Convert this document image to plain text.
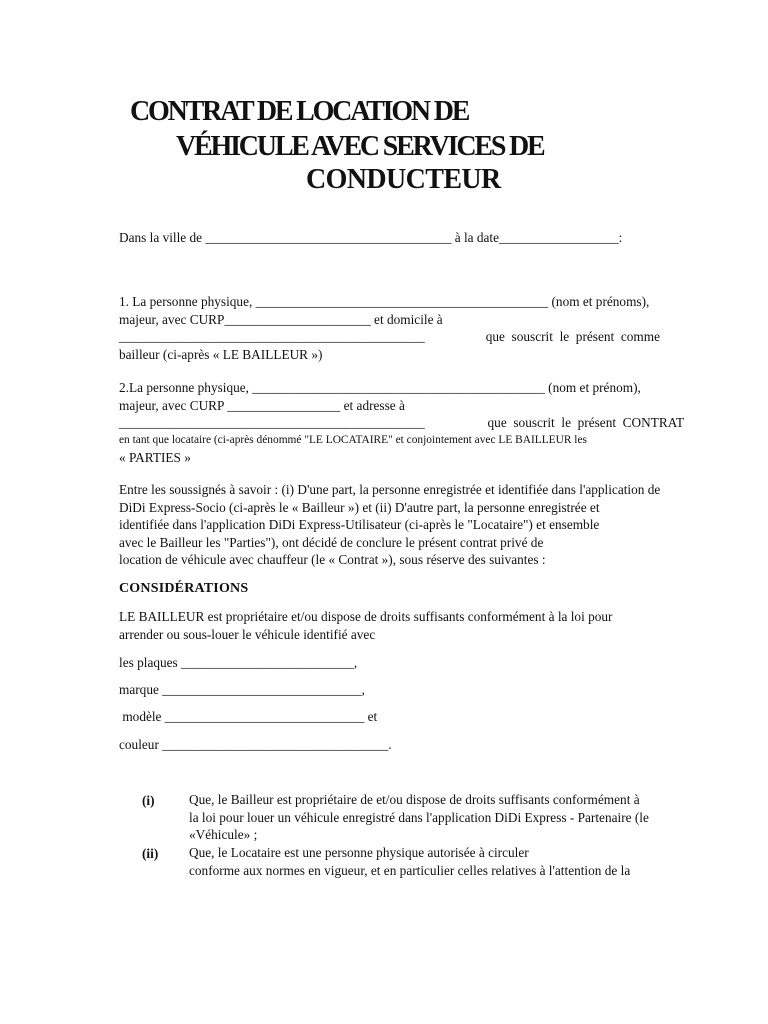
CONTRAT DE LOCATION DE
VÉHICULE AVEC SERVICES DE
CONDUCTEUR
Dans la ville de _____________________________________ à la date__________________:
1. La personne physique, ____________________________________________ (nom et prénoms),
majeur, avec CURP______________________ et domicile à
______________________________________________	que  souscrit  le  présent  comme
bailleur (ci-après « LE BAILLEUR »)
2.La personne physique, ____________________________________________ (nom et prénom),
majeur, avec CURP _________________ et adresse à
______________________________________________	que  souscrit  le  présent  CONTRAT
en tant que locataire (ci-après dénommé "LE LOCATAIRE" et conjointement avec LE BAILLEUR les
« PARTIES »
Entre les soussignés à savoir : (i) D'une part, la personne enregistrée et identifiée dans l'application de
DiDi Express-Socio (ci-après le « Bailleur ») et (ii) D'autre part, la personne enregistrée et
identifiée dans l'application DiDi Express-Utilisateur (ci-après le "Locataire") et ensemble
avec le Bailleur les "Parties"), ont décidé de conclure le présent contrat privé de
location de véhicule avec chauffeur (le « Contrat »), sous réserve des suivantes :
CONSIDÉRATIONS
LE BAILLEUR est propriétaire et/ou dispose de droits suffisants conformément à la loi pour
arrender ou sous-louer le véhicule identifié avec
les plaques __________________________,
marque ______________________________,
modèle ______________________________ et
couleur __________________________________.
(i)	Que, le Bailleur est propriétaire de et/ou dispose de droits suffisants conformément à
la loi pour louer un véhicule enregistré dans l'application DiDi Express - Partenaire (le
«Véhicule» ;
(ii) Que, le Locataire est une personne physique autorisée à circuler
conforme aux normes en vigueur, et en particulier celles relatives à l'attention de la
